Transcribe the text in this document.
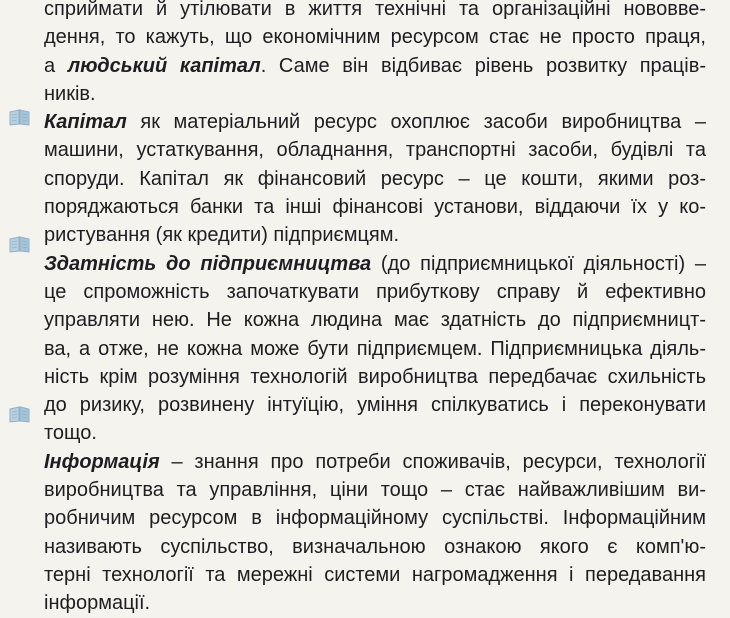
сприймати й утілювати в життя технічні та організаційні нововве-
дення, то кажуть, що економічним ресурсом стає не просто праця,
а людський капітал. Саме він відбиває рівень розвитку праців-
ників.
Капітал як матеріальний ресурс охоплює засоби виробництва –
машини, устаткування, обладнання, транспортні засоби, будівлі та
споруди. Капітал як фінансовий ресурс – це кошти, якими роз-
поряджаються банки та інші фінансові установи, віддаючи їх у ко-
ристування (як кредити) підприємцям.
Здатність до підприємництва (до підприємницької діяльності) –
це спроможність започаткувати прибуткову справу й ефективно
управляти нею. Не кожна людина має здатність до підприємницт-
ва, а отже, не кожна може бути підприємцем. Підприємницька діяль-
ність крім розуміння технологій виробництва передбачає схильність
до ризику, розвинену інтуїцію, уміння спілкуватись і переконувати
тощо.
Інформація – знання про потреби споживачів, ресурси, технології
виробництва та управління, ціни тощо – стає найважливішим ви-
робничим ресурсом в інформаційному суспільстві. Інформаційним
називають суспільство, визначальною ознакою якого є комп'ю-
терні технології та мережні системи нагромадження і передавання
інформації.
